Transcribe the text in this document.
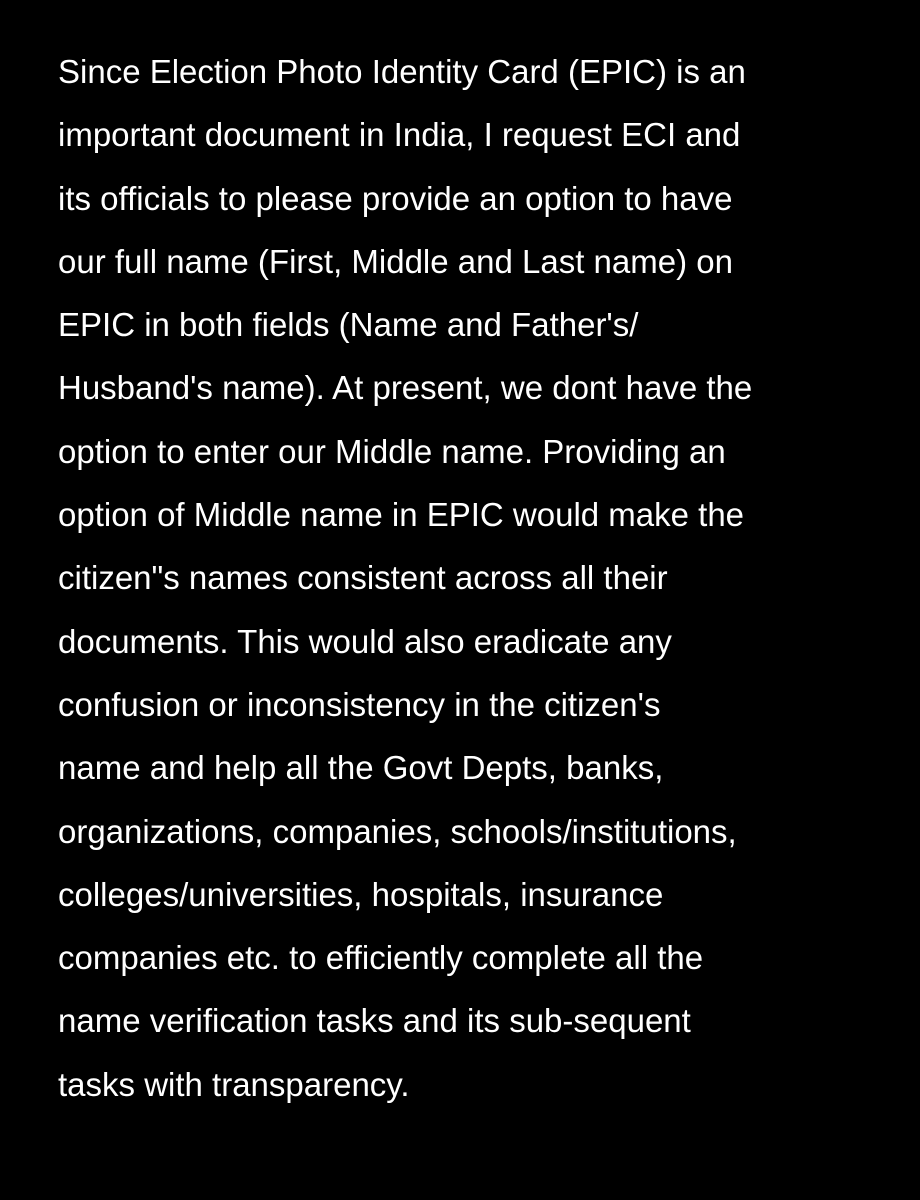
Since Election Photo Identity Card (EPIC) is an
important document in India, I request ECI and
its officials to please provide an option to have
our full name (First, Middle and Last name) on
EPIC in both fields (Name and Father's/
Husband's name). At present, we dont have the
option to enter our Middle name. Providing an
option of Middle name in EPIC would make the
citizen"s names consistent across all their
documents. This would also eradicate any
confusion or inconsistency in the citizen's
name and help all the Govt Depts, banks,
organizations, companies, schools/institutions,
colleges/universities, hospitals, insurance
companies etc. to efficiently complete all the
name verification tasks and its sub-sequent
tasks with transparency.
